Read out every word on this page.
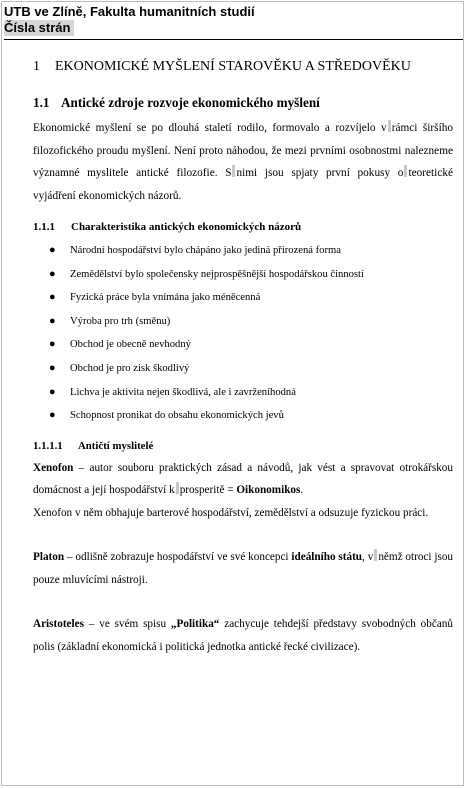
UTB ve Zlíně, Fakulta humanitních studií
Čísla strán
1 EKONOMICKÉ MYŠLENÍ STAROVĚKU A STŘEDOVĚKU
1.1 Antické zdroje rozvoje ekonomického myšlení

Ekonomické myšlení se po dlouhá staletí rodilo, formovalo a rozvíjelo v rámci širšího filozofického proudu myšlení. Není proto náhodou, že mezi prvními osobnostmi nalezneme významné myslitele antické filozofie. S nimi jsou spjaty první pokusy o teoretické vyjádření ekonomických názorů.

1.1.1 Charakteristika antických ekonomických názorů
● Národní hospodářství bylo chápáno jako jediná přirozená forma
● Zemědělství bylo společensky nejprospěšnější hospodářskou činností
● Fyzická práce byla vnímána jako méněcenná
● Výroba pro trh (směnu)
● Obchod je obecně nevhodný
● Obchod je pro zisk škodlivý
● Lichva je aktivita nejen škodlivá, ale i zavrženíhodná
● Schopnost pronikat do obsahu ekonomických jevů
1.1.1.1 Antičtí myslitelé

Xenofon – autor souboru praktických zásad a návodů, jak vést a spravovat otrokářskou domácnost a její hospodářství k prosperitě = Oikonomikos.

Xenofon v něm obhajuje barterové hospodářství, zemědělství a odsuzuje fyzickou práci.

Platon – odlišně zobrazuje hospodářství ve své koncepci ideálního státu, v němž otroci jsou pouze mluvícími nástroji.

Aristoteles – ve svém spisu „Politika“ zachycuje tehdejší představy svobodných občanů polis (základní ekonomická i politická jednotka antické řecké civilizace).
